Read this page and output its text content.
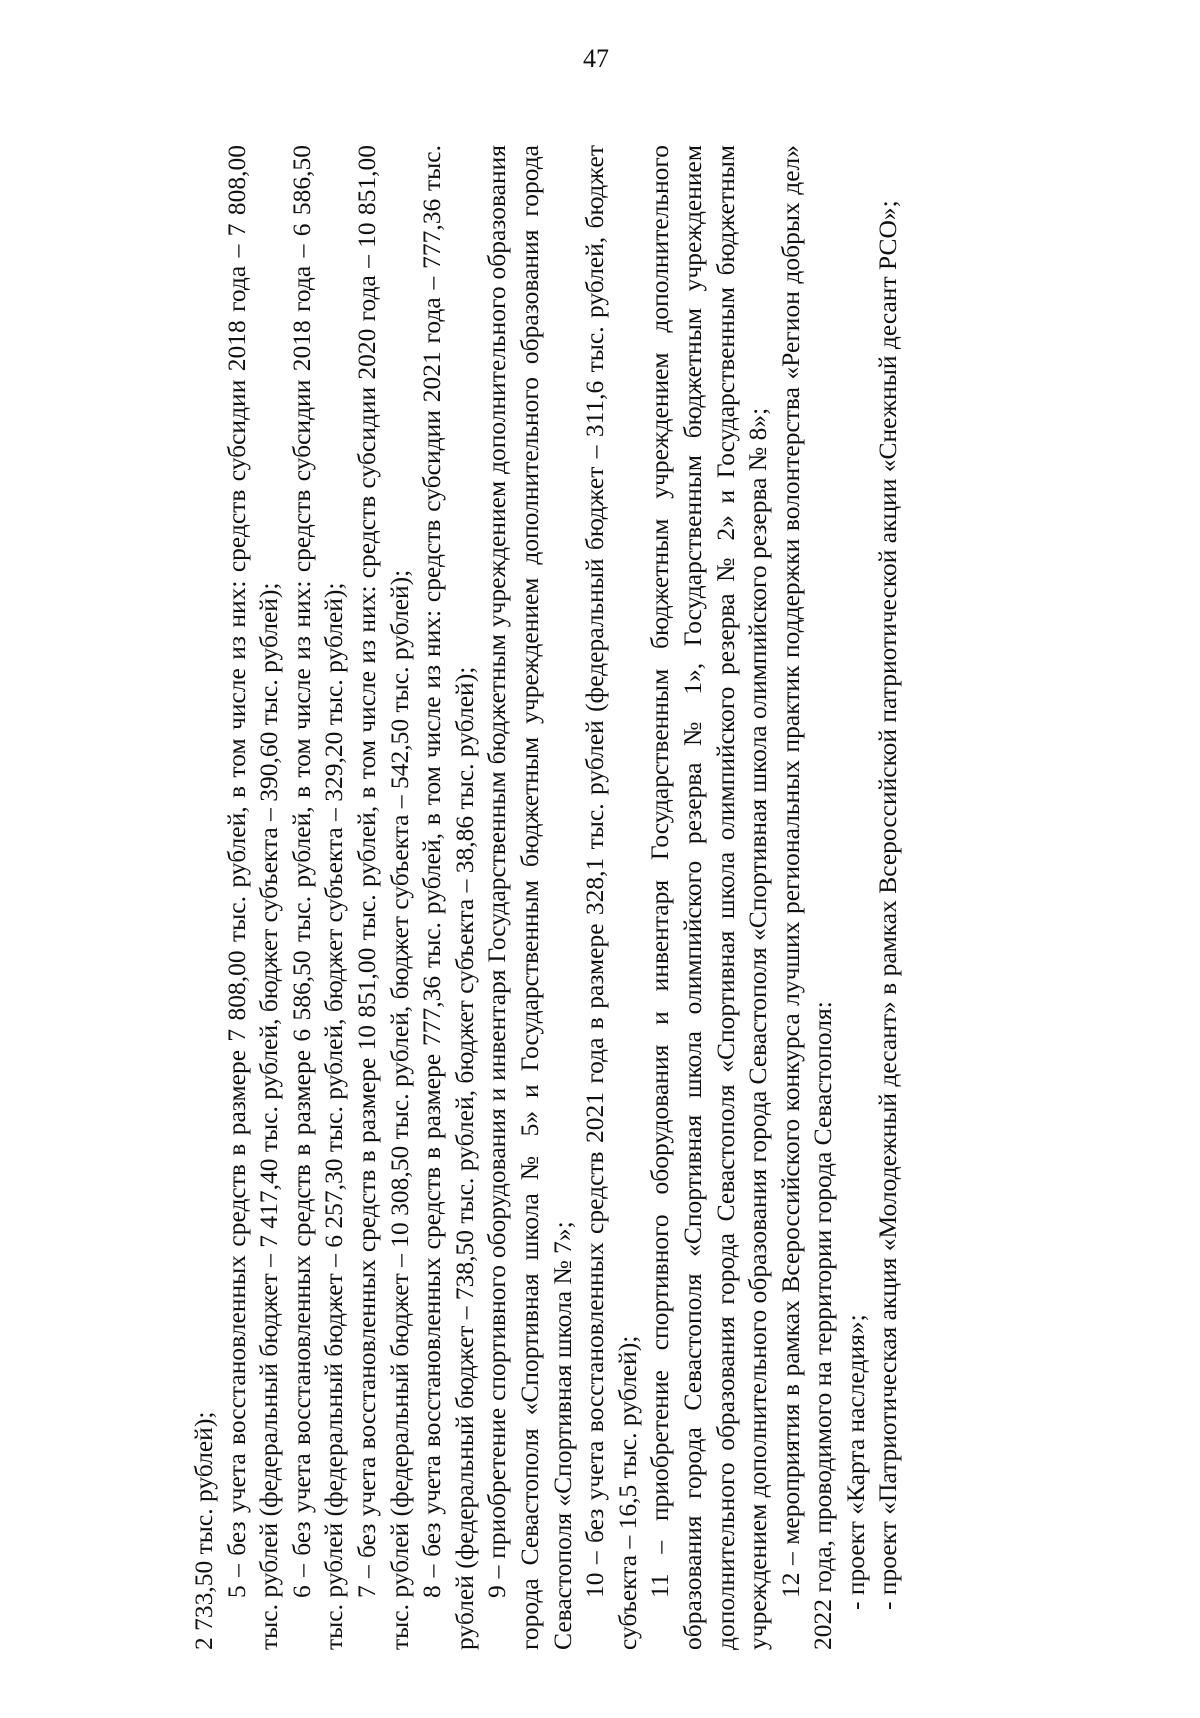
47

2 733,50 тыс. рублей); 5 – без учета восстановленных средств в размере 7 808,00 тыс. рублей, в том числе из них: средств субсидии 2018 года – 7 808,00 тыс. рублей (федеральный бюджет – 7 417,40 тыс. рублей, бюджет субъекта – 390,60 тыс. рублей); 6 – без учета восстановленных средств в размере 6 586,50 тыс. рублей, в том числе из них: средств субсидии 2018 года – 6 586,50 тыс. рублей (федеральный бюджет – 6 257,30 тыс. рублей, бюджет субъекта – 329,20 тыс. рублей); 7 – без учета восстановленных средств в размере 10 851,00 тыс. рублей, в том числе из них: средств субсидии 2020 года – 10 851,00 тыс. рублей (федеральный бюджет – 10 308,50 тыс. рублей, бюджет субъекта – 542,50 тыс. рублей); 8 – без учета восстановленных средств в размере 777,36 тыс. рублей, в том числе из них: средств субсидии 2021 года – 777,36 тыс. рублей (федеральный бюджет – 738,50 тыс. рублей, бюджет субъекта – 38,86 тыс. рублей); 9 – приобретение спортивного оборудования и инвентаря Государственным бюджетным учреждением дополнительного образования города Севастополя «Спортивная школа № 5» и Государственным бюджетным учреждением дополнительного образования города Севастополя «Спортивная школа № 7»; 10 – без учета восстановленных средств 2021 года в размере 328,1 тыс. рублей (федеральный бюджет – 311,6 тыс. рублей, бюджет субъекта – 16,5 тыс. рублей); 11 – приобретение спортивного оборудования и инвентаря Государственным бюджетным учреждением дополнительного образования города Севастополя «Спортивная школа олимпийского резерва № 1», Государственным бюджетным учреждением дополнительного образования города Севастополя «Спортивная школа олимпийского резерва № 2» и Государственным бюджетным учреждением дополнительного образования города Севастополя «Спортивная школа олимпийского резерва № 8»; 12 – мероприятия в рамках Всероссийского конкурса лучших региональных практик поддержки волонтерства «Регион добрых дел» 2022 года, проводимого на территории города Севастополя: - проект «Карта наследия»; - проект «Патриотическая акция «Молодежный десант» в рамках Всероссийской патриотической акции «Снежный десант РСО»;
